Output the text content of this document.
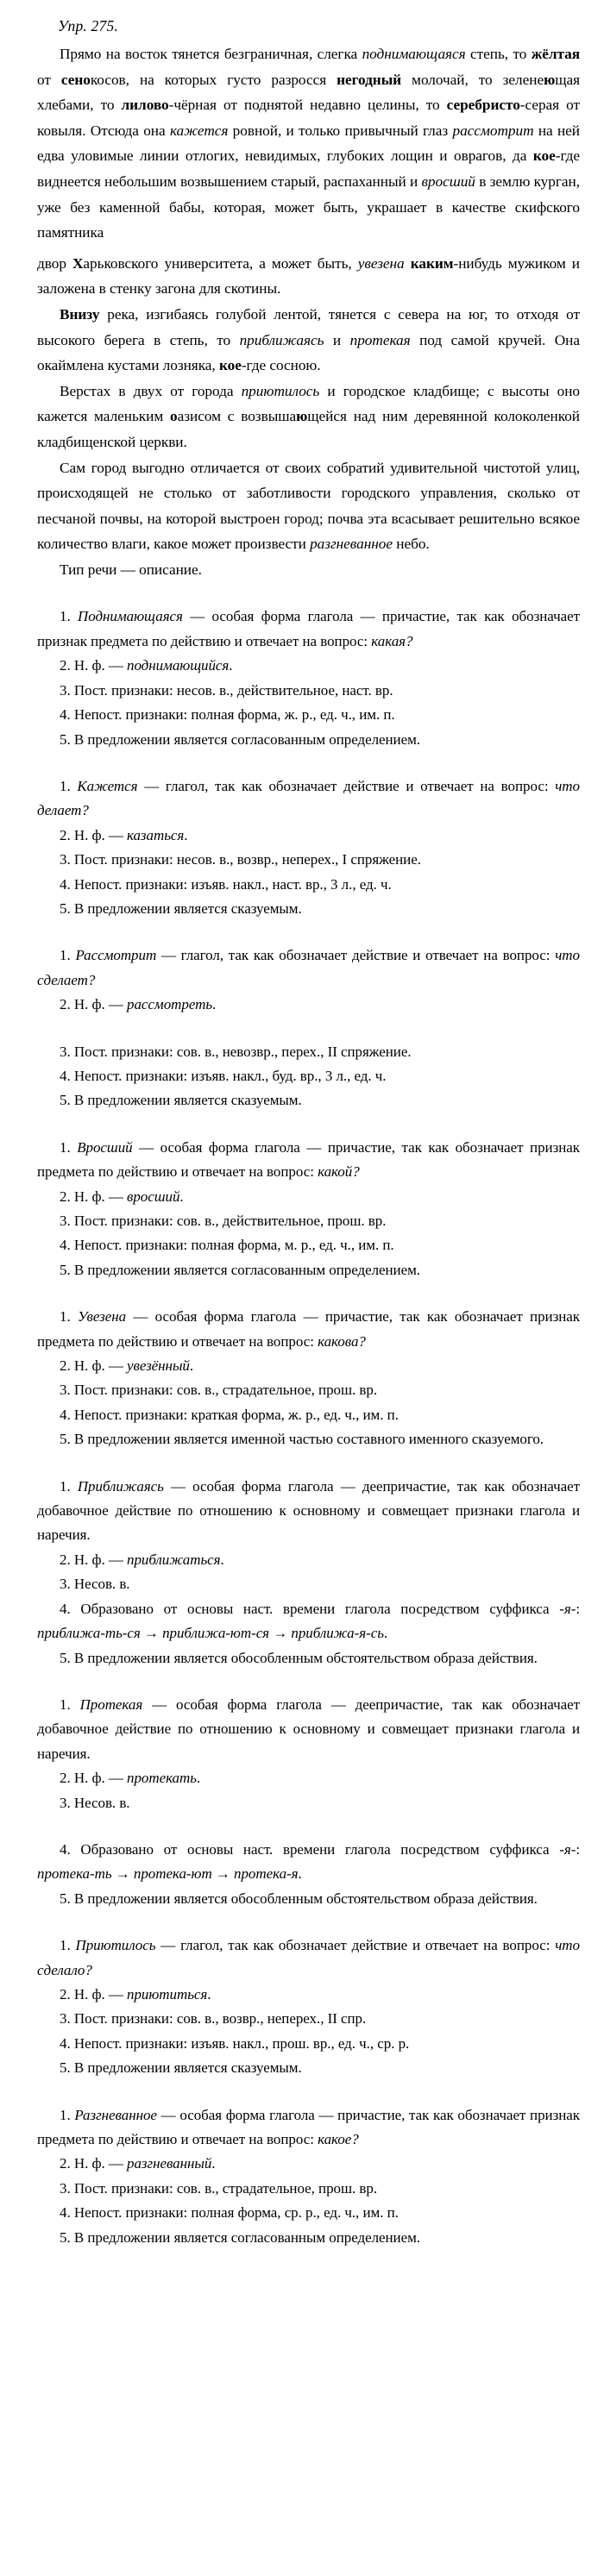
Упр. 275.

Прямо на восток тянется безграничная, слегка поднимающаяся степь, то жёлтая от сенокосов, на которых густо разросся негодный молочай, то зеленеющая хлебами, то лилово-чёрная от поднятой недавно целины, то серебристо-серая от ковыля. Отсюда она кажется ровной, и только привычный глаз рассмотрит на ней едва уловимые линии отлогих, невидимых, глубоких лощин и оврагов, да кое-где виднеется небольшим возвышением старый, распаханный и вросший в землю курган, уже без каменной бабы, которая, может быть, украшает в качестве скифского памятника

двор Харьковского университета, а может быть, увезена каким-нибудь мужиком и заложена в стенку загона для скотины.

Внизу река, изгибаясь голубой лентой, тянется с севера на юг, то отходя от высокого берега в степь, то приближаясь и протекая под самой кручей. Она окаймлена кустами лозняка, кое-где сосною.

Верстах в двух от города приютилось и городское кладбище; с высоты оно кажется маленьким оазисом с возвышающейся над ним деревянной колоколенкой кладбищенской церкви.

Сам город выгодно отличается от своих собратий удивительной чистотой улиц, происходящей не столько от заботливости городского управления, сколько от песчаной почвы, на которой выстроен город; почва эта всасывает решительно всякое количество влаги, какое может произвести разгневанное небо.

Тип речи — описание.

1. Поднимающаяся — особая форма глагола — причастие, так как обозначает признак предмета по действию и отвечает на вопрос: какая?

2. Н. ф. — поднимающийся.

3. Пост. признаки: несов. в., действительное, наст. вр.

4. Непост. признаки: полная форма, ж. р., ед. ч., им. п.

5. В предложении является согласованным определением.

1. Кажется — глагол, так как обозначает действие и отвечает на вопрос: что делает?

2. Н. ф. — казаться.

3. Пост. признаки: несов. в., возвр., неперех., I спряжение.

4. Непост. признаки: изъяв. накл., наст. вр., 3 л., ед. ч.

5. В предложении является сказуемым.

1. Рассмотрит — глагол, так как обозначает действие и отвечает на вопрос: что сделает?

2. Н. ф. — рассмотреть.

3. Пост. признаки: сов. в., невозвр., перех., II спряжение.

4. Непост. признаки: изъяв. накл., буд. вр., 3 л., ед. ч.

5. В предложении является сказуемым.

1. Вросший — особая форма глагола — причастие, так как обозначает признак предмета по действию и отвечает на вопрос: какой?

2. Н. ф. — вросший.

3. Пост. признаки: сов. в., действительное, прош. вр.

4. Непост. признаки: полная форма, м. р., ед. ч., им. п.

5. В предложении является согласованным определением.

1. Увезена — особая форма глагола — причастие, так как обозначает признак предмета по действию и отвечает на вопрос: какова?

2. Н. ф. — увезённый.

3. Пост. признаки: сов. в., страдательное, прош. вр.

4. Непост. признаки: краткая форма, ж. р., ед. ч., им. п.

5. В предложении является именной частью составного именного сказуемого.

1. Приближаясь — особая форма глагола — деепричастие, так как обозначает добавочное действие по отношению к основному и совмещает признаки глагола и наречия.

2. Н. ф. — приближаться.

3. Несов. в.

4. Образовано от основы наст. времени глагола посредством суффикса -я-: приближа-ть-ся → приближа-ют-ся → приближа-я-сь.

5. В предложении является обособленным обстоятельством образа действия.

1. Протекая — особая форма глагола — деепричастие, так как обозначает добавочное действие по отношению к основному и совмещает признаки глагола и наречия.

2. Н. ф. — протекать.

3. Несов. в.

4. Образовано от основы наст. времени глагола посредством суффикса -я-: протека-ть → протека-ют → протека-я.

5. В предложении является обособленным обстоятельством образа действия.

1. Приютилось — глагол, так как обозначает действие и отвечает на вопрос: что сделало?

2. Н. ф. — приютиться.

3. Пост. признаки: сов. в., возвр., неперех., II спр.

4. Непост. признаки: изъяв. накл., прош. вр., ед. ч., ср. р.

5. В предложении является сказуемым.

1. Разгневанное — особая форма глагола — причастие, так как обозначает признак предмета по действию и отвечает на вопрос: какое?

2. Н. ф. — разгневанный.

3. Пост. признаки: сов. в., страдательное, прош. вр.

4. Непост. признаки: полная форма, ср. р., ед. ч., им. п.

5. В предложении является согласованным определением.
